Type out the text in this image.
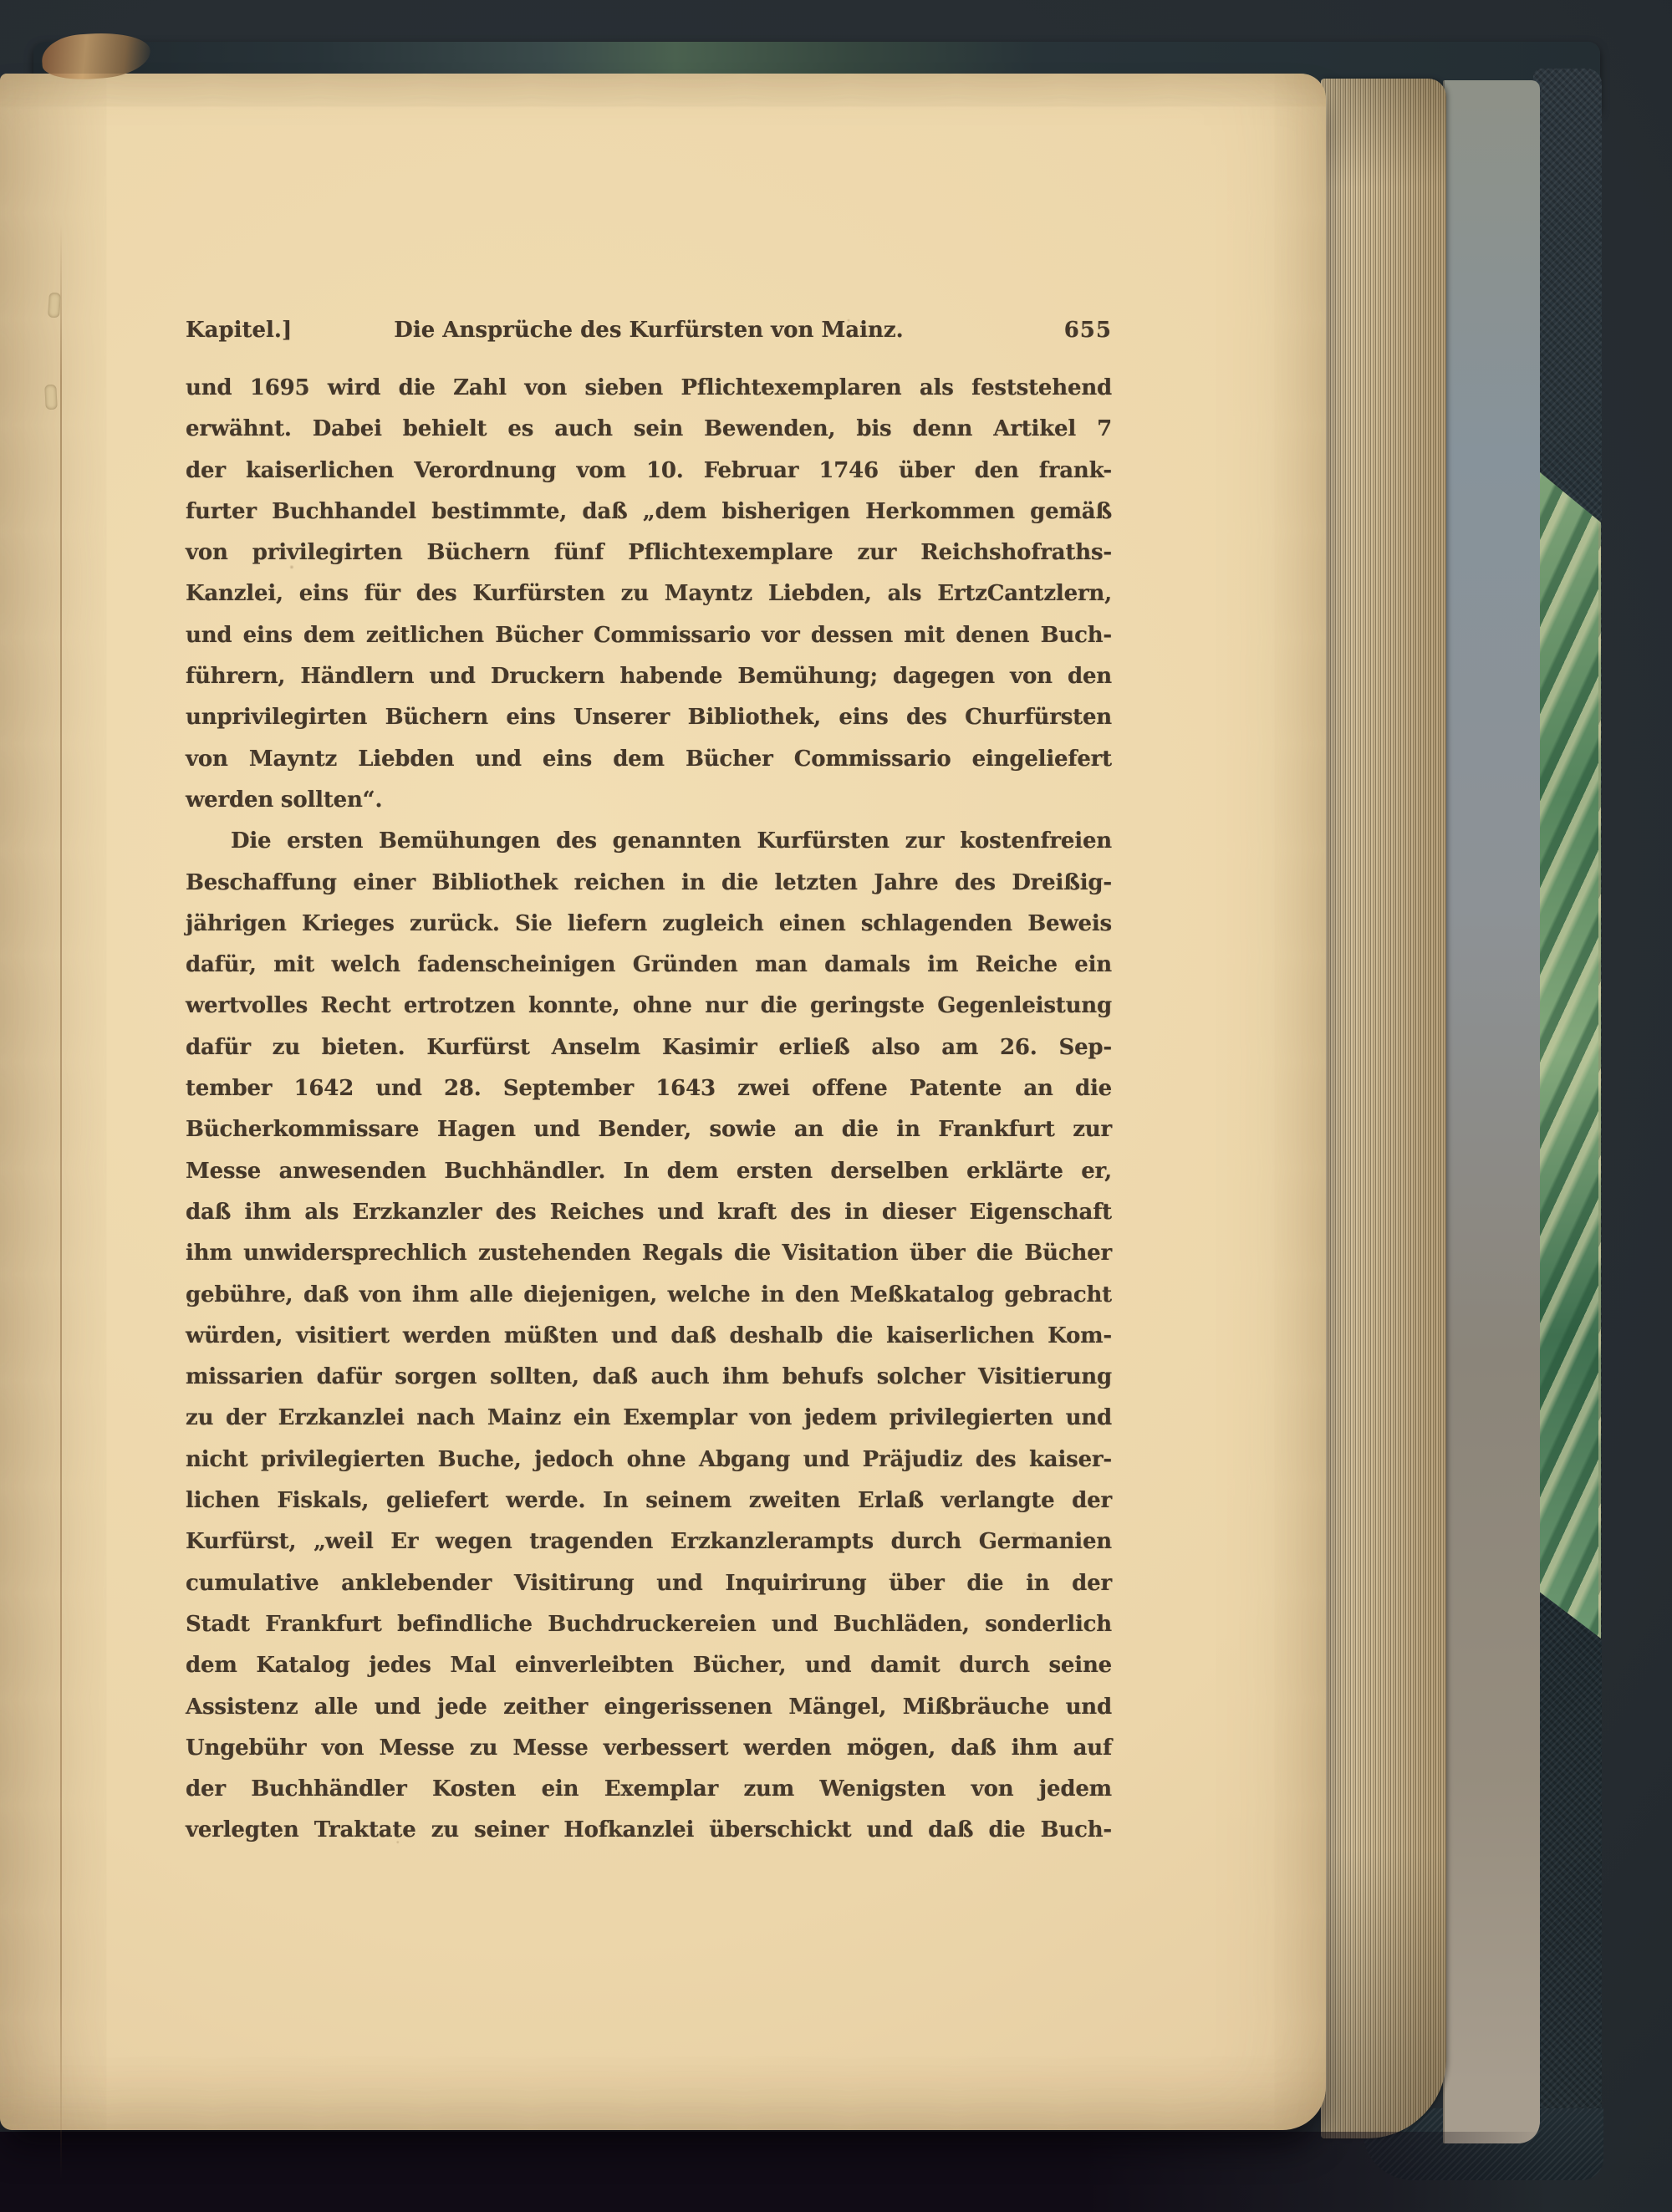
Kapitel.]	Die Ansprüche des Kurfürsten von Mainz.	655
und 1695 wird die Zahl von sieben Pflichtexemplaren als feststehend
erwähnt. Dabei behielt es auch sein Bewenden, bis denn Artikel 7
der kaiserlichen Verordnung vom 10. Februar 1746 über den frank-
furter Buchhandel bestimmte, daß „dem bisherigen Herkommen gemäß
von privilegirten Büchern fünf Pflichtexemplare zur Reichshofraths-
Kanzlei, eins für des Kurfürsten zu Mayntz Liebden, als ErtzCantzlern,
und eins dem zeitlichen Bücher Commissario vor dessen mit denen Buch-
führern, Händlern und Druckern habende Bemühung; dagegen von den
unprivilegirten Büchern eins Unserer Bibliothek, eins des Churfürsten
von Mayntz Liebden und eins dem Bücher Commissario eingeliefert
werden sollten“.
Die ersten Bemühungen des genannten Kurfürsten zur kostenfreien
Beschaffung einer Bibliothek reichen in die letzten Jahre des Dreißig-
jährigen Krieges zurück. Sie liefern zugleich einen schlagenden Beweis
dafür, mit welch fadenscheinigen Gründen man damals im Reiche ein
wertvolles Recht ertrotzen konnte, ohne nur die geringste Gegenleistung
dafür zu bieten. Kurfürst Anselm Kasimir erließ also am 26. Sep-
tember 1642 und 28. September 1643 zwei offene Patente an die
Bücherkommissare Hagen und Bender, sowie an die in Frankfurt zur
Messe anwesenden Buchhändler. In dem ersten derselben erklärte er,
daß ihm als Erzkanzler des Reiches und kraft des in dieser Eigenschaft
ihm unwidersprechlich zustehenden Regals die Visitation über die Bücher
gebühre, daß von ihm alle diejenigen, welche in den Meßkatalog gebracht
würden, visitiert werden müßten und daß deshalb die kaiserlichen Kom-
missarien dafür sorgen sollten, daß auch ihm behufs solcher Visitierung
zu der Erzkanzlei nach Mainz ein Exemplar von jedem privilegierten und
nicht privilegierten Buche, jedoch ohne Abgang und Präjudiz des kaiser-
lichen Fiskals, geliefert werde. In seinem zweiten Erlaß verlangte der
Kurfürst, „weil Er wegen tragenden Erzkanzlerampts durch Germanien
cumulative anklebender Visitirung und Inquirirung über die in der
Stadt Frankfurt befindliche Buchdruckereien und Buchläden, sonderlich
dem Katalog jedes Mal einverleibten Bücher, und damit durch seine
Assistenz alle und jede zeither eingerissenen Mängel, Mißbräuche und
Ungebühr von Messe zu Messe verbessert werden mögen, daß ihm auf
der Buchhändler Kosten ein Exemplar zum Wenigsten von jedem
verlegten Traktate zu seiner Hofkanzlei überschickt und daß die Buch-
